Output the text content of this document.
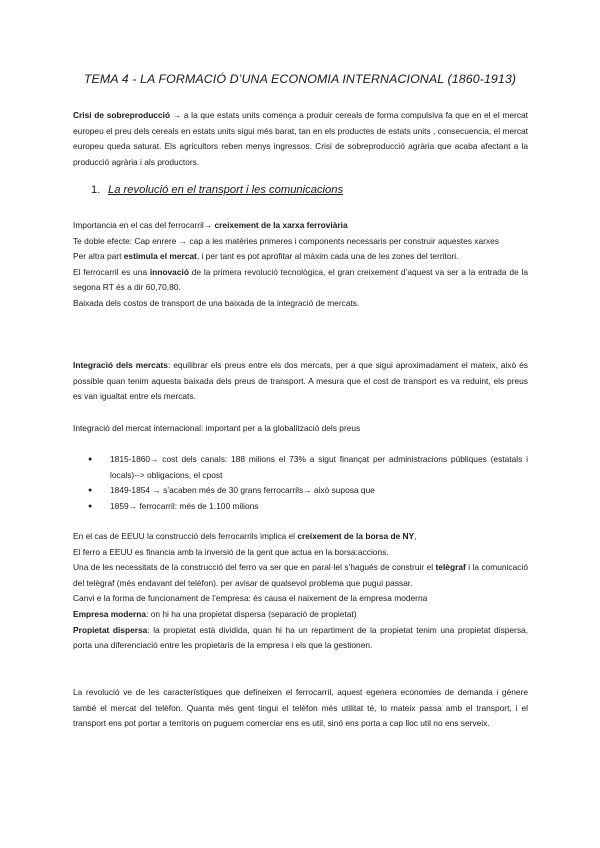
TEMA 4 - LA FORMACIÓ D’UNA ECONOMIA INTERNACIONAL (1860-1913)

Crisi de sobreproducció → a la que estats units comença a produir cereals de forma compulsiva fa que en el el mercat europeu el preu dels cereals en estats units sigui més barat, tan en els productes de estats units , consecuencia, el mercat europeu queda saturat. Els agricultors reben menys ingressos. Crisi de sobreproducció agrària que acaba afectant a la producció agrària i als productors.

1. La revolució en el transport i les comunicacions

Importancia en el cas del ferrocarril→ creixement de la xarxa ferroviària

Te doble efecte: Cap enrere → cap a les matèries primeres i components necessaris per construir aquestes xarxes

Per altra part estimula el mercat, i per tant es pot aprofitar al màxim cada una de les zones del territori.

El ferrocarril es una innovació de la primera revolució tecnològica, el gran creixement d’aquest va ser a la entrada de la segona RT és a dir 60,70,80.

Baixada dels costos de transport de una baixada de la integració de mercats.

Integració dels mercats: equilibrar els preus entre els dos mercats, per a que sigui aproximadament el mateix, això és possible quan tenim aquesta baixada dels preus de transport. A mesura que el cost de transport es va reduint, els preus es van igualtat entre els mercats.

Integració del mercat internacional: important per a la globalització dels preus

● 1815-1860→ cost dels canals: 188 milions el 73% a sigut finançat per administracions públiques (estatals i locals)--> obligacions, el cpost
● 1849-1854 → s’acaben més de 30 grans ferrocarrils→ això suposa que
● 1859→ ferrocarril: més de 1.100 milions

En el cas de EEUU la construcció dels ferrocarrils implica el creixement de la borsa de NY,

El ferro a EEUU es financia amb la inversió de la gent que actua en la borsa:accions.

Una de les necessitats de la construcció del ferro va ser que en paral·lel s’hagués de construir el telègraf i la comunicació del telègraf (més endavant del telèfon). per avisar de qualsevol problema que pugui passar.

Canvi e la forma de funcionament de l’empresa: és causa el naixement de la empresa moderna

Empresa moderna: on hi ha una propietat dispersa (separació de propietat)

Propietat dispersa: la propietat està dividida, quan hi ha un repartiment de la propietat tenim una propietat dispersa, porta una diferenciació entre les propietaris de la empresa i els que la gestionen.

La revolució ve de les característiques que defineixen el ferrocarril, aquest egenera economies de demanda i gènere també el mercat del telèfon. Quanta més gent tingui el telèfon més utilitat té, lo mateix passa amb el transport, i el transport ens pot portar a territoris on puguem comerciar ens es util, sinó ens porta a cap lloc util no ens serveix.
